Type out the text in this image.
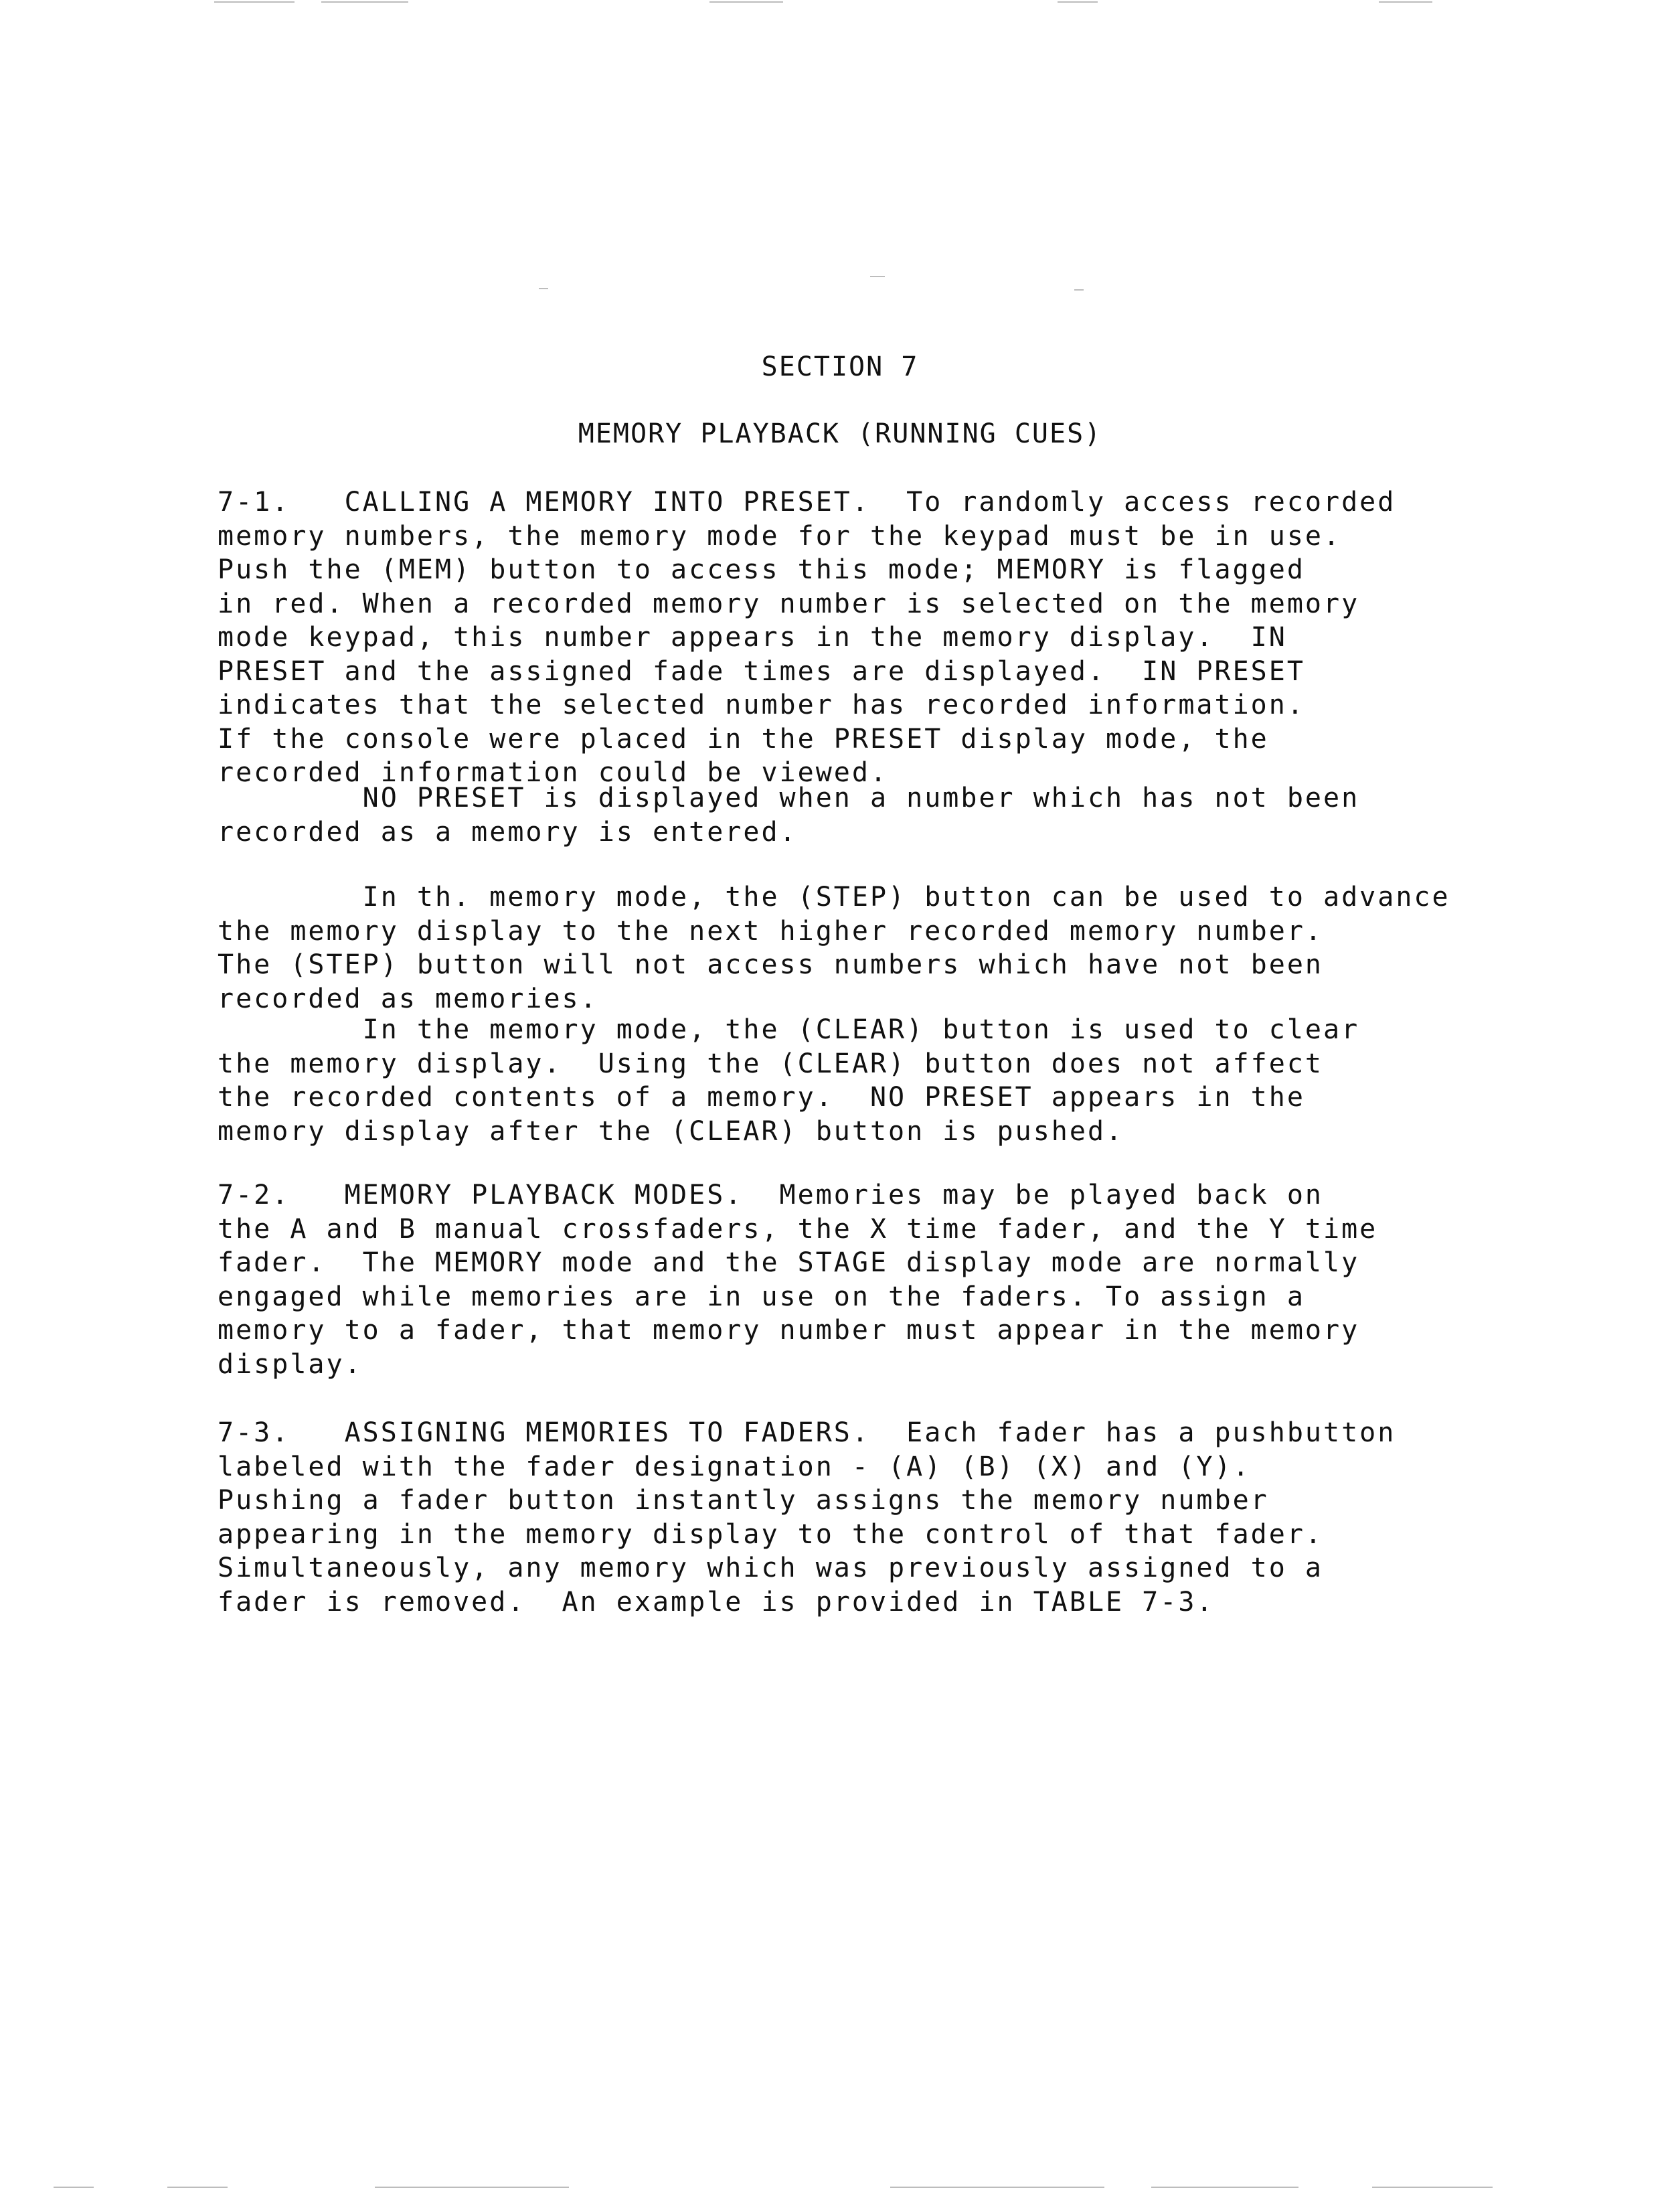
SECTION 7
MEMORY PLAYBACK (RUNNING CUES)

7-1.   CALLING A MEMORY INTO PRESET.  To randomly access recorded
memory numbers, the memory mode for the keypad must be in use.
Push the (MEM) button to access this mode; MEMORY is flagged
in red. When a recorded memory number is selected on the memory
mode keypad, this number appears in the memory display.  IN
PRESET and the assigned fade times are displayed.  IN PRESET
indicates that the selected number has recorded information.
If the console were placed in the PRESET display mode, the
recorded information could be viewed.

NO PRESET is displayed when a number which has not been
recorded as a memory is entered.

In th. memory mode, the (STEP) button can be used to advance
the memory display to the next higher recorded memory number.
The (STEP) button will not access numbers which have not been
recorded as memories.

In the memory mode, the (CLEAR) button is used to clear
the memory display.  Using the (CLEAR) button does not affect
the recorded contents of a memory.  NO PRESET appears in the
memory display after the (CLEAR) button is pushed.

7-2.   MEMORY PLAYBACK MODES.  Memories may be played back on
the A and B manual crossfaders, the X time fader, and the Y time
fader.  The MEMORY mode and the STAGE display mode are normally
engaged while memories are in use on the faders. To assign a
memory to a fader, that memory number must appear in the memory
display.

7-3.   ASSIGNING MEMORIES TO FADERS.  Each fader has a pushbutton
labeled with the fader designation - (A) (B) (X) and (Y).
Pushing a fader button instantly assigns the memory number
appearing in the memory display to the control of that fader.
Simultaneously, any memory which was previously assigned to a
fader is removed.  An example is provided in TABLE 7-3.
